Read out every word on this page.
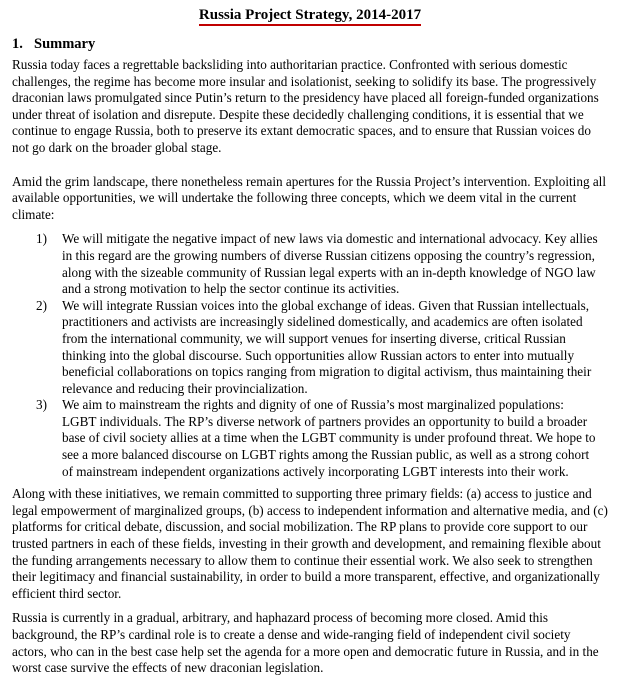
Russia Project Strategy, 2014-2017
1. Summary

Russia today faces a regrettable backsliding into authoritarian practice. Confronted with serious domestic challenges, the regime has become more insular and isolationist, seeking to solidify its base. The progressively draconian laws promulgated since Putin’s return to the presidency have placed all foreign-funded organizations under threat of isolation and disrepute. Despite these decidedly challenging conditions, it is essential that we continue to engage Russia, both to preserve its extant democratic spaces, and to ensure that Russian voices do not go dark on the broader global stage.

Amid the grim landscape, there nonetheless remain apertures for the Russia Project’s intervention. Exploiting all available opportunities, we will undertake the following three concepts, which we deem vital in the current climate:

1) We will mitigate the negative impact of new laws via domestic and international advocacy. Key allies in this regard are the growing numbers of diverse Russian citizens opposing the country’s regression, along with the sizeable community of Russian legal experts with an in-depth knowledge of NGO law and a strong motivation to help the sector continue its activities.
2) We will integrate Russian voices into the global exchange of ideas. Given that Russian intellectuals, practitioners and activists are increasingly sidelined domestically, and academics are often isolated from the international community, we will support venues for inserting diverse, critical Russian thinking into the global discourse. Such opportunities allow Russian actors to enter into mutually beneficial collaborations on topics ranging from migration to digital activism, thus maintaining their relevance and reducing their provincialization.
3) We aim to mainstream the rights and dignity of one of Russia’s most marginalized populations: LGBT individuals. The RP’s diverse network of partners provides an opportunity to build a broader base of civil society allies at a time when the LGBT community is under profound threat. We hope to see a more balanced discourse on LGBT rights among the Russian public, as well as a strong cohort of mainstream independent organizations actively incorporating LGBT interests into their work.

Along with these initiatives, we remain committed to supporting three primary fields: (a) access to justice and legal empowerment of marginalized groups, (b) access to independent information and alternative media, and (c) platforms for critical debate, discussion, and social mobilization. The RP plans to provide core support to our trusted partners in each of these fields, investing in their growth and development, and remaining flexible about the funding arrangements necessary to allow them to continue their essential work. We also seek to strengthen their legitimacy and financial sustainability, in order to build a more transparent, effective, and organizationally efficient third sector.

Russia is currently in a gradual, arbitrary, and haphazard process of becoming more closed. Amid this background, the RP’s cardinal role is to create a dense and wide-ranging field of independent civil society actors, who can in the best case help set the agenda for a more open and democratic future in Russia, and in the worst case survive the effects of new draconian legislation.
